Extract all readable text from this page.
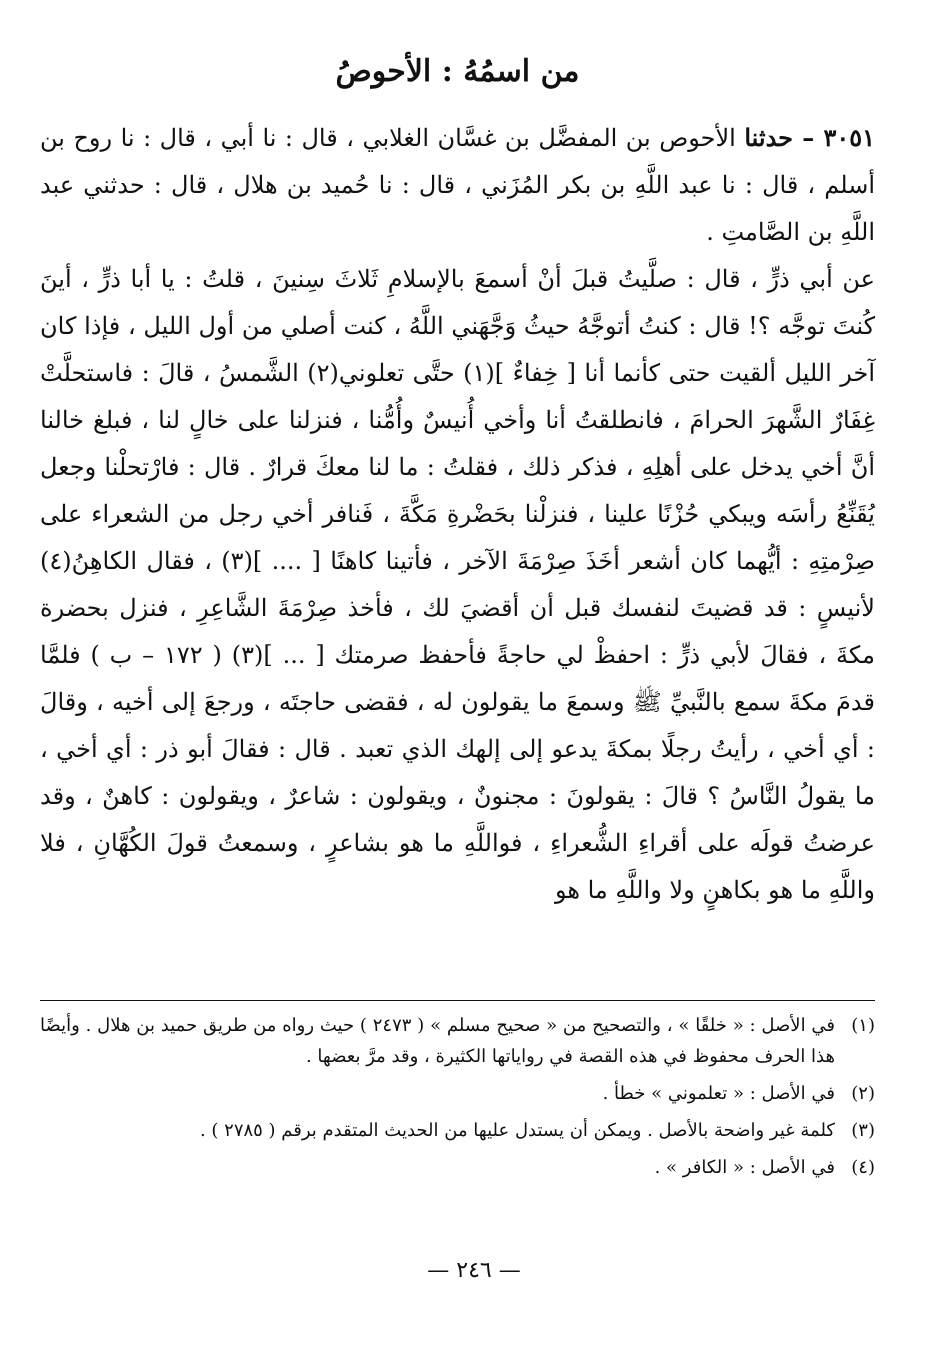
من اسمُهُ : الأحوصُ

٣٠٥١ – حدثنا الأحوص بن المفضَّل بن غسَّان الغلابي ، قال : نا أبي ، قال : نا روح بن أسلم ، قال : نا عبد اللَّهِ بن بكر المُزَني ، قال : نا حُميد بن هلال ، قال : حدثني عبد اللَّهِ بن الصَّامتِ .

عن أبي ذرٍّ ، قال : صلَّيتُ قبلَ أنْ أسمعَ بالإسلامِ ثَلاثَ سِنينَ ، قلتُ : يا أبا ذرٍّ ، أينَ كُنتَ توجَّه ؟! قال : كنتُ أتوجَّهُ حيثُ وَجَّهَني اللَّهُ ، كنت أصلي من أول الليل ، فإذا كان آخر الليل ألقيت حتى كأنما أنا [ خِفاءٌ ](١) حتَّى تعلوني(٢) الشَّمسُ ، قالَ : فاستحلَّتْ غِفَارٌ الشَّهرَ الحرامَ ، فانطلقتُ أنا وأخي أُنيسٌ وأُمُّنا ، فنزلنا على خالٍ لنا ، فبلغ خالنا أنَّ أخي يدخل على أهلِهِ ، فذكر ذلك ، فقلتُ : ما لنا معكَ قرارٌ . قال : فارْتحلْنا وجعل يُقَنِّعُ رأسَه ويبكي حُزْنًا علينا ، فنزلْنا بحَضْرةِ مَكَّةَ ، فَنافر أخي رجل من الشعراء على صِرْمتِهِ : أيُّهما كان أشعر أخَذَ صِرْمَةَ الآخر ، فأتينا كاهنًا [ .... ](٣) ، فقال الكاهِنُ(٤) لأنيسٍ : قد قضيتَ لنفسك قبل أن أقضيَ لك ، فأخذ صِرْمَةَ الشَّاعِرِ ، فنزل بحضرة مكةَ ، فقالَ لأبي ذرٍّ : احفظْ لي حاجةً فأحفظ صرمتك [ ... ](٣) ( ١٧٢ – ب ) فلمَّا قدمَ مكةَ سمع بالنَّبيِّ ﷺ وسمعَ ما يقولون له ، فقضى حاجتَه ، ورجعَ إلى أخيه ، وقالَ : أي أخي ، رأيتُ رجلًا بمكةَ يدعو إلى إلهك الذي تعبد . قال : فقالَ أبو ذر : أي أخي ، ما يقولُ النَّاسُ ؟ قالَ : يقولونَ : مجنونٌ ، ويقولون : شاعرٌ ، ويقولون : كاهنٌ ، وقد عرضتُ قولَه على أقراءِ الشُّعراءِ ، فواللَّهِ ما هو بشاعرٍ ، وسمعتُ قولَ الكُهَّانِ ، فلا واللَّهِ ما هو بكاهنٍ ولا واللَّهِ ما هو

(١)
في الأصل : « خلقًا » ، والتصحيح من « صحيح مسلم » ( ٢٤٧٣ ) حيث رواه من طريق حميد بن هلال . وأيضًا هذا الحرف محفوظ في هذه القصة في رواياتها الكثيرة ، وقد مرَّ بعضها .
(٢)
في الأصل : « تعلموني » خطأ .
(٣)
كلمة غير واضحة بالأصل . ويمكن أن يستدل عليها من الحديث المتقدم برقم ( ٢٧٨٥ ) .
(٤)
في الأصل : « الكافر » .
— ٢٤٦ —
